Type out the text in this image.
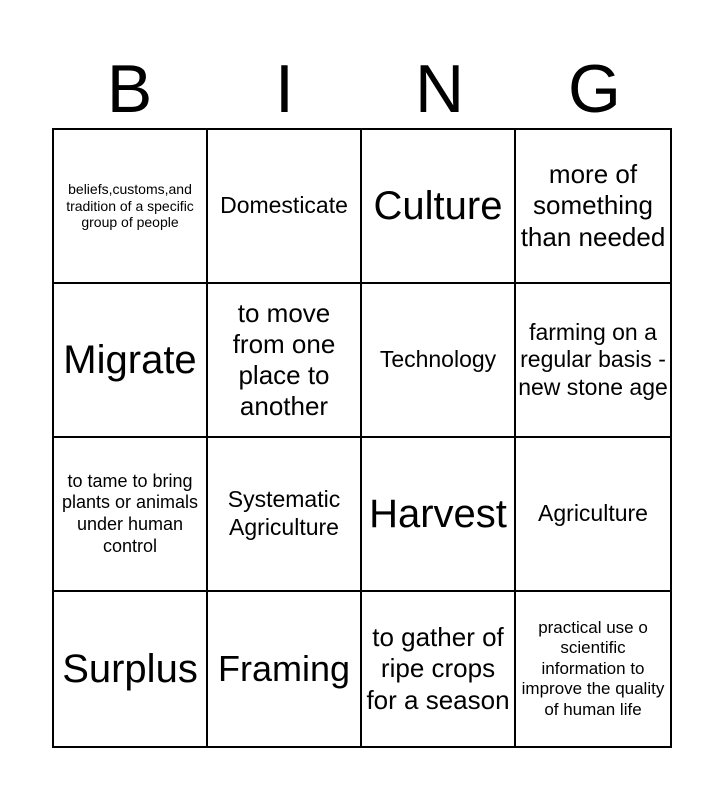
B	I	N	G
beliefs,customs,and tradition of a specific group of people
Domesticate Culture
more of something than needed
Migrate
to move from one place to another
Technology
farming on a regular basis - new stone age
to tame to bring plants or animals under human control
Systematic Agriculture Harvest Agriculture
Surplus Framing
to gather of ripe crops for a season
practical use o scientific information to improve the quality of human life
